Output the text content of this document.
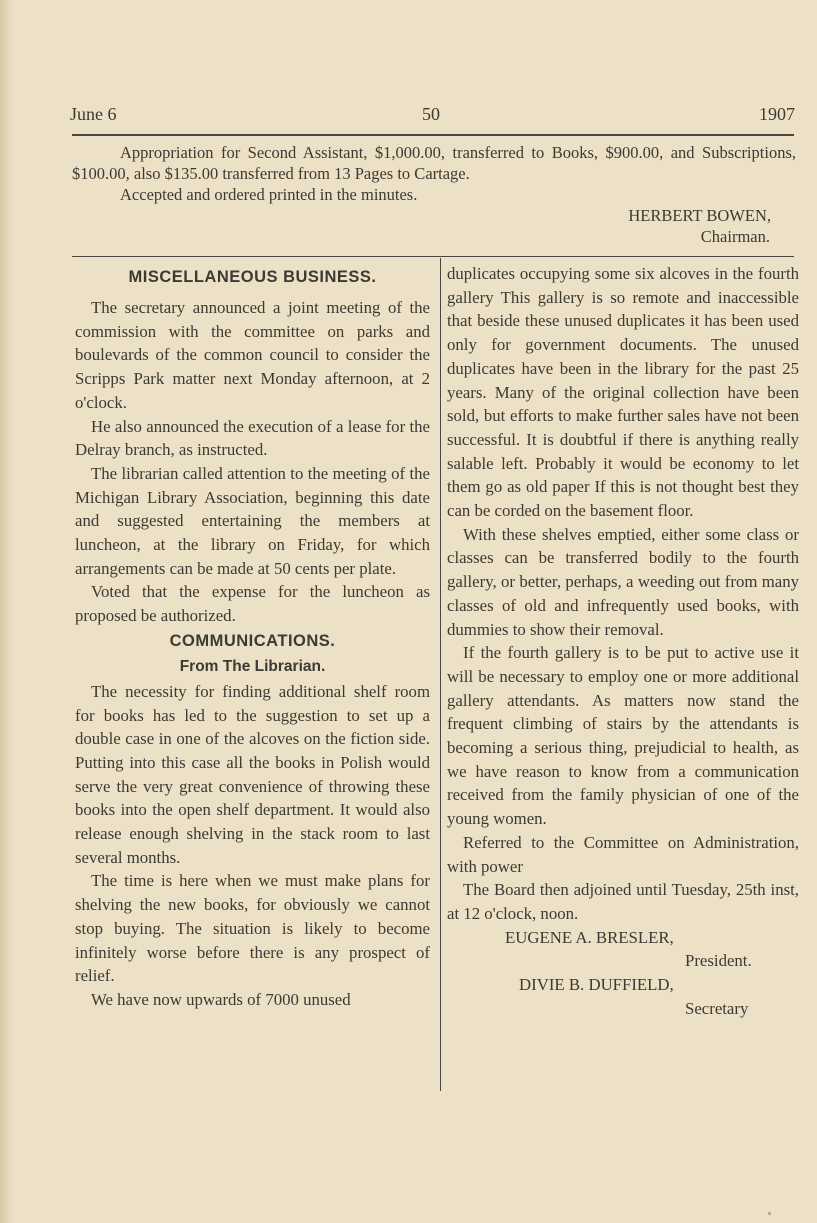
June 6	50	1907

Appropriation for Second Assistant, $1,000.00, transferred to Books, $900.00, and Subscriptions, $100.00, also $135.00 transferred from 13 Pages to Cartage.

Accepted and ordered printed in the minutes.

HERBERT BOWEN,

Chairman.

MISCELLANEOUS BUSINESS.

The secretary announced a joint meeting of the commission with the committee on parks and boulevards of the common council to consider the Scripps Park matter next Monday afternoon, at 2 o'clock.

He also announced the execution of a lease for the Delray branch, as instructed.

The librarian called attention to the meeting of the Michigan Library Association, beginning this date and suggested entertaining the members at luncheon, at the library on Friday, for which arrangements can be made at 50 cents per plate.

Voted that the expense for the luncheon as proposed be authorized.

COMMUNICATIONS.
From The Librarian.

The necessity for finding additional shelf room for books has led to the suggestion to set up a double case in one of the alcoves on the fiction side. Putting into this case all the books in Polish would serve the very great convenience of throwing these books into the open shelf department. It would also release enough shelving in the stack room to last several months.

The time is here when we must make plans for shelving the new books, for obviously we cannot stop buying. The situation is likely to become infinitely worse before there is any prospect of relief.

We have now upwards of 7000 unused

duplicates occupying some six alcoves in the fourth gallery This gallery is so remote and inaccessible that beside these unused duplicates it has been used only for government documents. The unused duplicates have been in the library for the past 25 years. Many of the original collection have been sold, but efforts to make further sales have not been successful. It is doubtful if there is anything really salable left. Probably it would be economy to let them go as old paper If this is not thought best they can be corded on the basement floor.

With these shelves emptied, either some class or classes can be transferred bodily to the fourth gallery, or better, perhaps, a weeding out from many classes of old and infrequently used books, with dummies to show their removal.

If the fourth gallery is to be put to active use it will be necessary to employ one or more additional gallery attendants. As matters now stand the frequent climbing of stairs by the attendants is becoming a serious thing, prejudicial to health, as we have reason to know from a communication received from the family physician of one of the young women.

Referred to the Committee on Administration, with power

The Board then adjoined until Tuesday, 25th inst, at 12 o'clock, noon.

EUGENE A. BRESLER,

President.

DIVIE B. DUFFIELD,

Secretary
